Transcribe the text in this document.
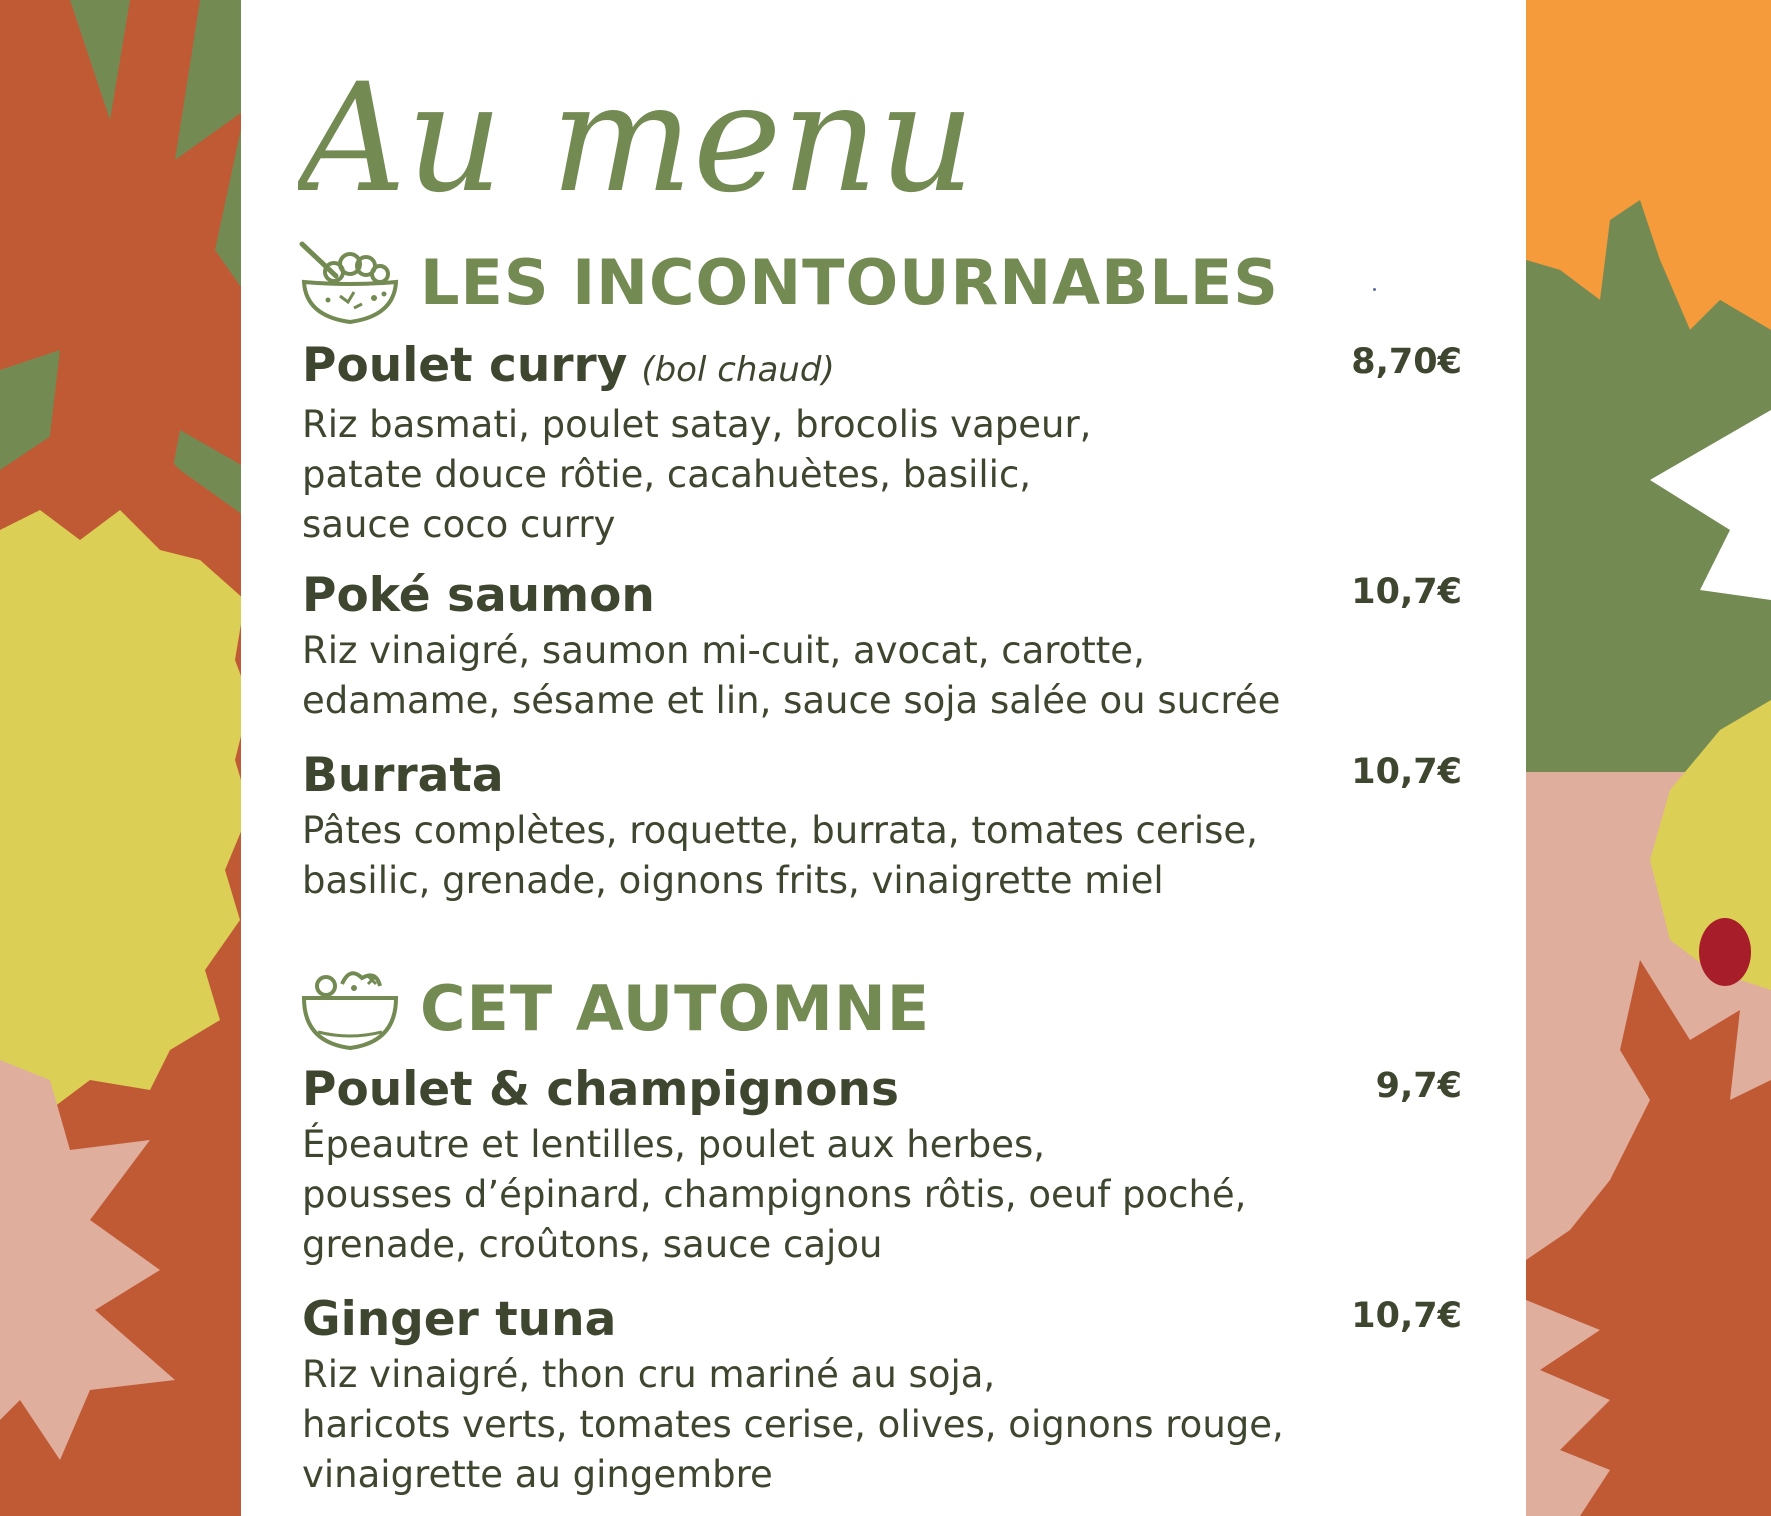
Au menu
LES INCONTOURNABLES
Poulet curry (bol chaud)	8,70€
Riz basmati, poulet satay, brocolis vapeur,
patate douce rôtie, cacahuètes, basilic,
sauce coco curry
Poké saumon	10,7€
Riz vinaigré, saumon mi-cuit, avocat, carotte,
edamame, sésame et lin, sauce soja salée ou sucrée
Burrata	10,7€
Pâtes complètes, roquette, burrata, tomates cerise,
basilic, grenade, oignons frits, vinaigrette miel
CET AUTOMNE
Poulet & champignons	9,7€
Épeautre et lentilles, poulet aux herbes,
pousses d’épinard, champignons rôtis, oeuf poché,
grenade, croûtons, sauce cajou
Ginger tuna	10,7€
Riz vinaigré, thon cru mariné au soja,
haricots verts, tomates cerise, olives, oignons rouge,
vinaigrette au gingembre
